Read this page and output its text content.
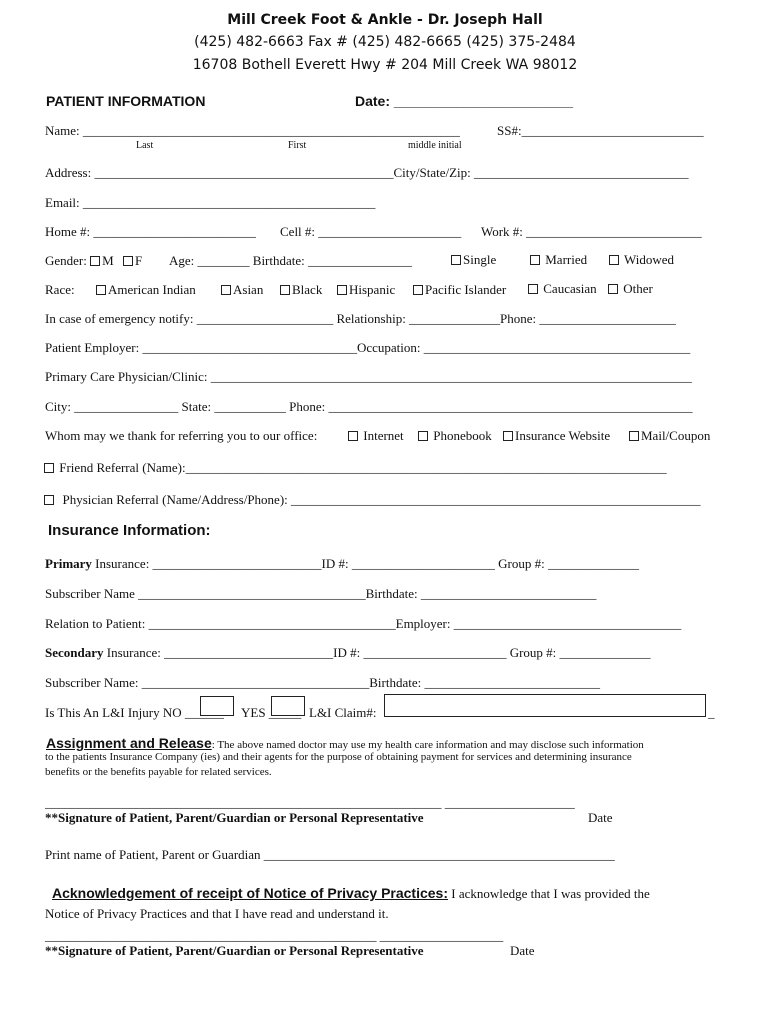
Mill Creek Foot & Ankle - Dr. Joseph Hall
(425) 482-6663 Fax # (425) 482-6665 (425) 375-2484
16708 Bothell Everett Hwy # 204 Mill Creek WA 98012
PATIENT INFORMATION	Date: _______________________
Name: __________________________________________________________	SS#:____________________________
Last	First	middle initial
Address: ______________________________________________City/State/Zip: _________________________________
Email: _____________________________________________
Home #: _________________________ Cell #: ______________________ Work #: ___________________________
Gender: M F Age: ________ Birthdate: ________________	Single	Married	Widowed
Race:	American Indian	Asian	Black	Hispanic	Pacific Islander	Caucasian	Other
In case of emergency notify: _____________________ Relationship: ______________Phone: _____________________
Patient Employer: _________________________________Occupation: _________________________________________
Primary Care Physician/Clinic: __________________________________________________________________________
City: ________________ State: ___________ Phone: ________________________________________________________
Whom may we thank for referring you to our office:	Internet	Phonebook	Insurance Website	Mail/Coupon
Friend Referral (Name):__________________________________________________________________________
Physician Referral (Name/Address/Phone): _______________________________________________________________
Insurance Information:
Primary Insurance: __________________________ID #: ______________________ Group #: ______________
Subscriber Name ___________________________________Birthdate: ___________________________
Relation to Patient: ______________________________________Employer: ___________________________________
Secondary Insurance: __________________________ID #: ______________________ Group #: ______________
Subscriber Name: ___________________________________Birthdate: ___________________________
Is This An L&I Injury NO ______ YES _____ L&I Claim#:	_
Assignment and Release: The above named doctor may use my health care information and may disclose such information
to the patients Insurance Company (ies) and their agents for the purpose of obtaining payment for services and determining insurance
benefits or the benefits payable for related services.
_____________________________________________________________ ____________________
**Signature of Patient, Parent/Guardian or Personal Representative	Date
Print name of Patient, Parent or Guardian ______________________________________________________
Acknowledgement of receipt of Notice of Privacy Practices: I acknowledge that I was provided the
Notice of Privacy Practices and that I have read and understand it.
___________________________________________________ ___________________
**Signature of Patient, Parent/Guardian or Personal Representative	Date
